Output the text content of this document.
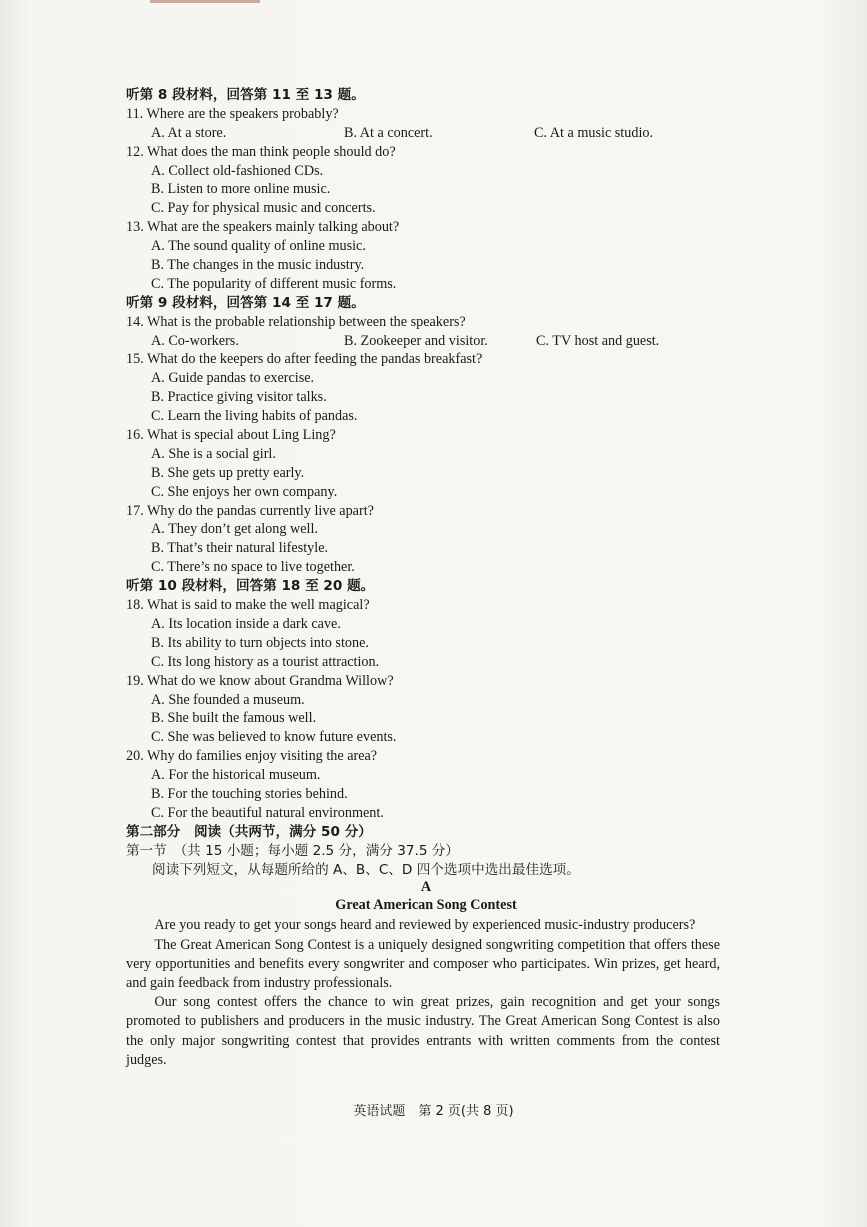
听第 8 段材料，回答第 11 至 13 题。
11. Where are the speakers probably?
A. At a store.	B. At a concert.	C. At a music studio.
12. What does the man think people should do?
A. Collect old-fashioned CDs.
B. Listen to more online music.
C. Pay for physical music and concerts.
13. What are the speakers mainly talking about?
A. The sound quality of online music.
B. The changes in the music industry.
C. The popularity of different music forms.
听第 9 段材料，回答第 14 至 17 题。
14. What is the probable relationship between the speakers?
A. Co-workers.	B. Zookeeper and visitor.	C. TV host and guest.
15. What do the keepers do after feeding the pandas breakfast?
A. Guide pandas to exercise.
B. Practice giving visitor talks.
C. Learn the living habits of pandas.
16. What is special about Ling Ling?
A. She is a social girl.
B. She gets up pretty early.
C. She enjoys her own company.
17. Why do the pandas currently live apart?
A. They don’t get along well.
B. That’s their natural lifestyle.
C. There’s no space to live together.
听第 10 段材料，回答第 18 至 20 题。
18. What is said to make the well magical?
A. Its location inside a dark cave.
B. Its ability to turn objects into stone.
C. Its long history as a tourist attraction.
19. What do we know about Grandma Willow?
A. She founded a museum.
B. She built the famous well.
C. She was believed to know future events.
20. Why do families enjoy visiting the area?
A. For the historical museum.
B. For the touching stories behind.
C. For the beautiful natural environment.
第二部分　阅读（共两节，满分 50 分）
第一节　（共 15 小题；每小题 2.5 分，满分 37.5 分）
阅读下列短文，从每题所给的 A、B、C、D 四个选项中选出最佳选项。
A
Great American Song Contest

Are you ready to get your songs heard and reviewed by experienced music-industry producers?

The Great American Song Contest is a uniquely designed songwriting competition that offers these very opportunities and benefits every songwriter and composer who participates. Win prizes, get heard, and gain feedback from industry professionals.

Our song contest offers the chance to win great prizes, gain recognition and get your songs promoted to publishers and producers in the music industry. The Great American Song Contest is also the only major songwriting contest that provides entrants with written comments from the contest judges.

英语试题　第 2 页(共 8 页)
